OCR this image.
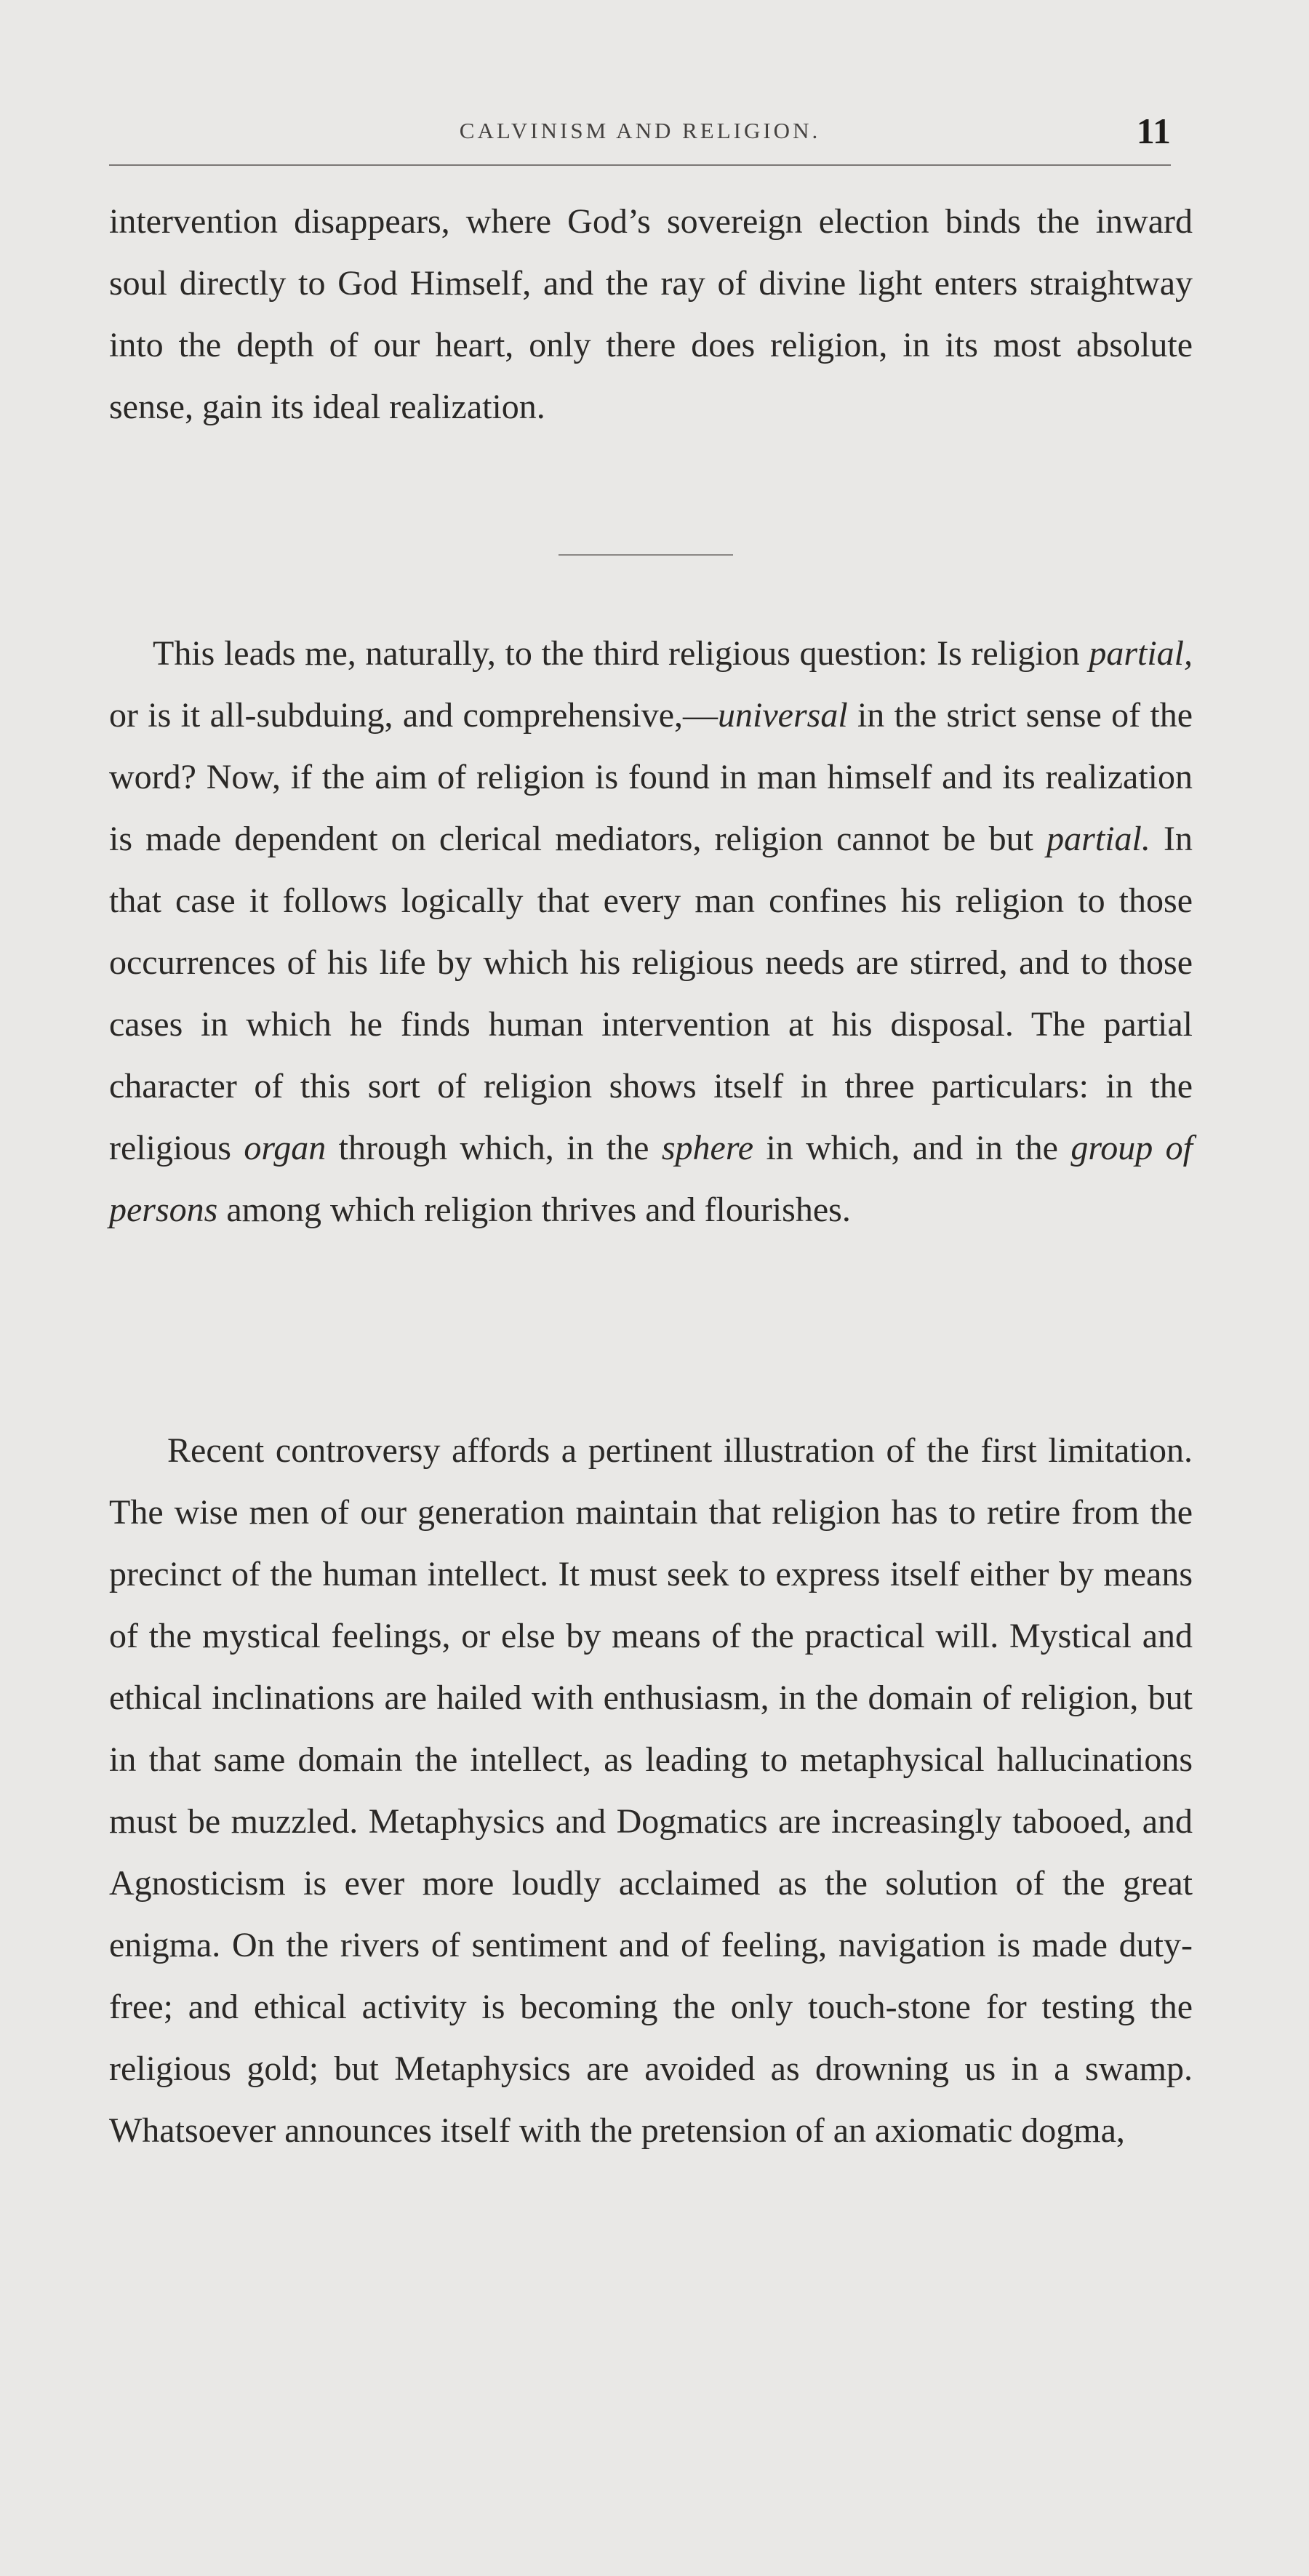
CALVINISM AND RELIGION.	11

intervention disappears, where God’s sovereign election binds the inward soul directly to God Himself, and the ray of divine light enters straightway into the depth of our heart, only there does religion, in its most absolute sense, gain its ideal realization.

This leads me, naturally, to the third religious question: Is religion partial, or is it all-subduing, and comprehensive,—universal in the strict sense of the word? Now, if the aim of religion is found in man himself and its realization is made dependent on clerical mediators, religion cannot be but partial. In that case it follows logically that every man confines his religion to those occurrences of his life by which his religious needs are stirred, and to those cases in which he finds human intervention at his disposal. The partial character of this sort of religion shows itself in three particulars: in the religious organ through which, in the sphere in which, and in the group of persons among which religion thrives and flourishes.

Recent controversy affords a pertinent illustration of the first limitation. The wise men of our generation maintain that religion has to retire from the precinct of the human intellect. It must seek to express itself either by means of the mystical feelings, or else by means of the practical will. Mystical and ethical inclinations are hailed with enthusiasm, in the domain of religion, but in that same domain the intellect, as leading to metaphysical hallucinations must be muzzled. Metaphysics and Dogmatics are increasingly tabooed, and Agnosticism is ever more loudly acclaimed as the solution of the great enigma. On the rivers of sentiment and of feeling, navigation is made duty-free; and ethical activity is becoming the only touch-stone for testing the religious gold; but Metaphysics are avoided as drowning us in a swamp. Whatsoever announces itself with the pretension of an axiomatic dogma,
